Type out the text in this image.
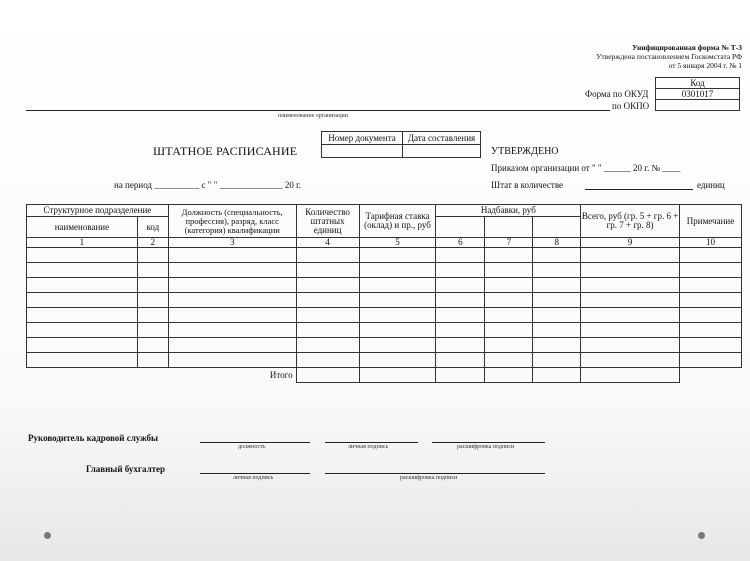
Унифицированная форма № Т-3
Утверждена постановлением Госкомстата РФ
от 5 января 2004 г. № 1
Форма по ОКУД
по ОКПО
Код
0301017

наименование организации
Номер документа	Дата составления

ШТАТНОЕ РАСПИСАНИЕ	УТВЕРЖДЕНО
Приказом организации от " " ______ 20 г. № ____
Штат в количестве	единиц
на период __________ с " " ______________ 20 г.
Структурное подразделение		Должность (специальность, профессия), разряд, класс (категория) квалификации	Количество штатных единиц	Тарифная ставка (оклад) и пр., руб	Надбавки, руб			Всего, руб (гр. 5 + гр. 6 + гр. 7 + гр. 8)	Примечание
наименование	код								
1	2	3	4	5	6	7	8	9	10

Итого									
Руководитель кадровой службы
должность	личная подпись	расшифровка подписи
Главный бухгалтер
личная подпись	расшифровка подписи
